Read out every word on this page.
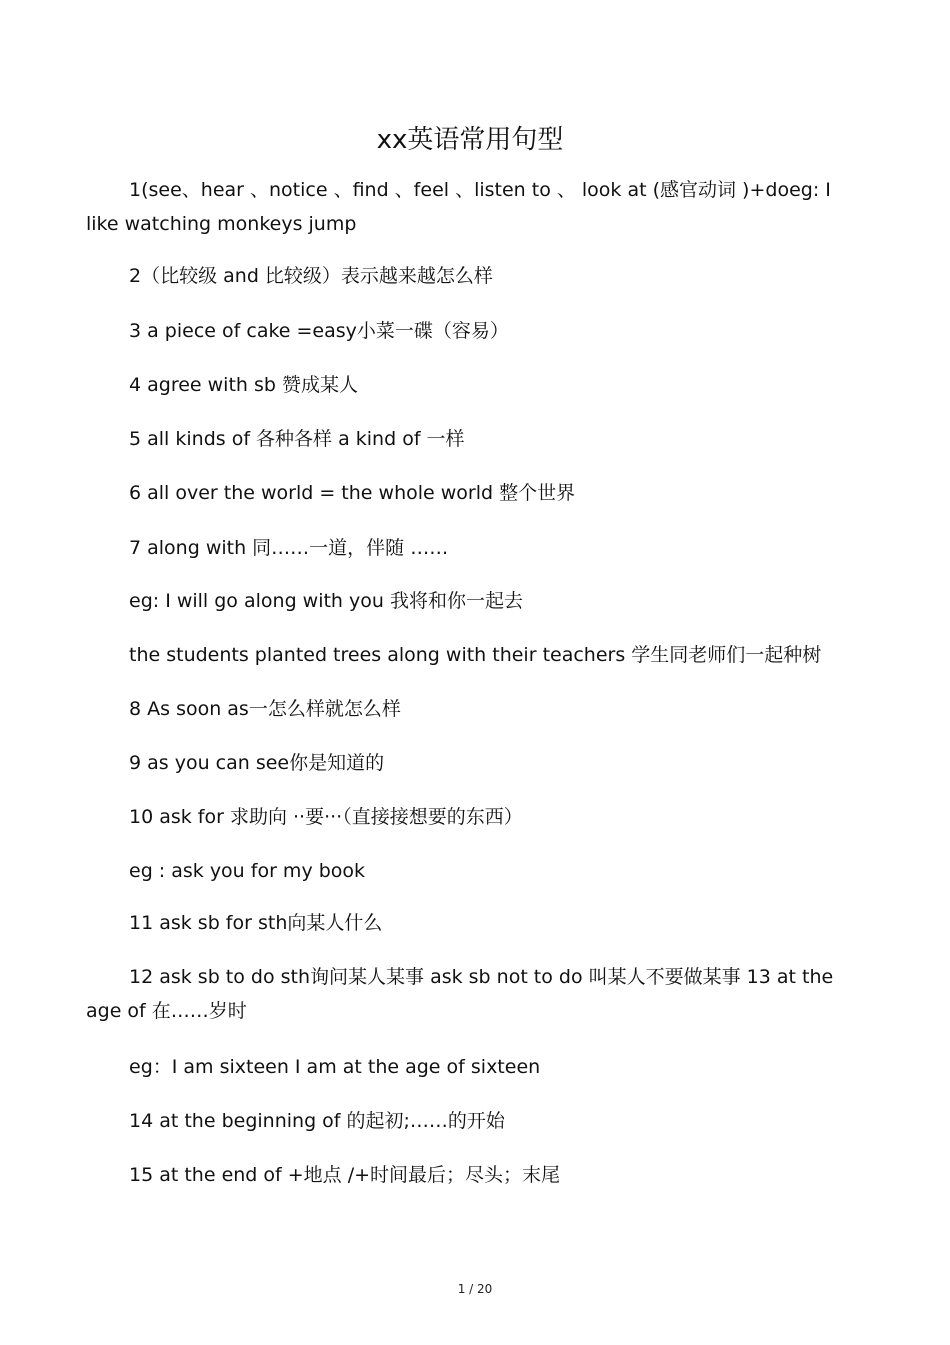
xx英语常用句型
1(see、hear 、notice 、find 、feel 、listen to 、 look at (感官动词 )+doeg: I like watching monkeys jump
2（比较级 and 比较级）表示越来越怎么样
3 a piece of cake =easy小菜一碟（容易）
4 agree with sb 赞成某人
5 all kinds of 各种各样 a kind of 一样
6 all over the world = the whole world 整个世界
7 along with 同……一道，伴随 ……
eg: I will go along with you 我将和你一起去
the students planted trees along with their teachers 学生同老师们一起种树
8 As soon as一怎么样就怎么样
9 as you can see你是知道的
10 ask for 求助向 ··要···（直接接想要的东西）
eg : ask you for my book
11 ask sb for sth向某人什么
12 ask sb to do sth询问某人某事 ask sb not to do 叫某人不要做某事 13 at the age of 在……岁时
eg：I am sixteen I am at the age of sixteen
14 at the beginning of 的起初;……的开始
15 at the end of +地点 /+时间最后；尽头；末尾
1 / 20
